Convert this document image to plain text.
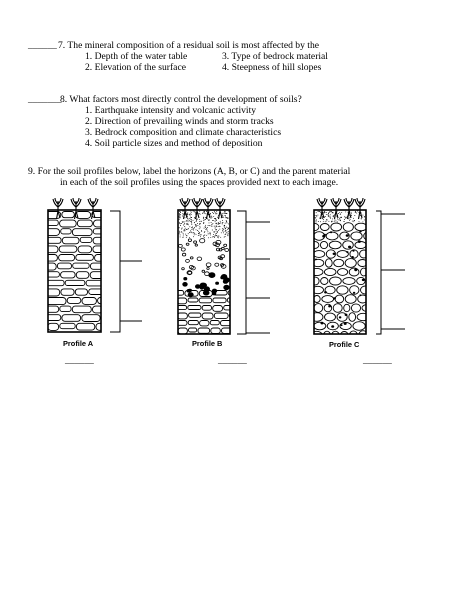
______ 7. The mineral composition of a residual soil is most affected by the
1. Depth of the water table	3. Type of bedrock material
2. Elevation of the surface	4. Steepness of hill slopes
_______
8. What factors most directly control the development of soils?
1. Earthquake intensity and volcanic activity
2. Direction of prevailing winds and storm tracks
3. Bedrock composition and climate characteristics
4. Soil particle sizes and method of deposition
9. For the soil profiles below, label the horizons (A, B, or C) and the parent material
in each of the soil profiles using the spaces provided next to each image.
Profile A	Profile B	Profile C
______	______	______
